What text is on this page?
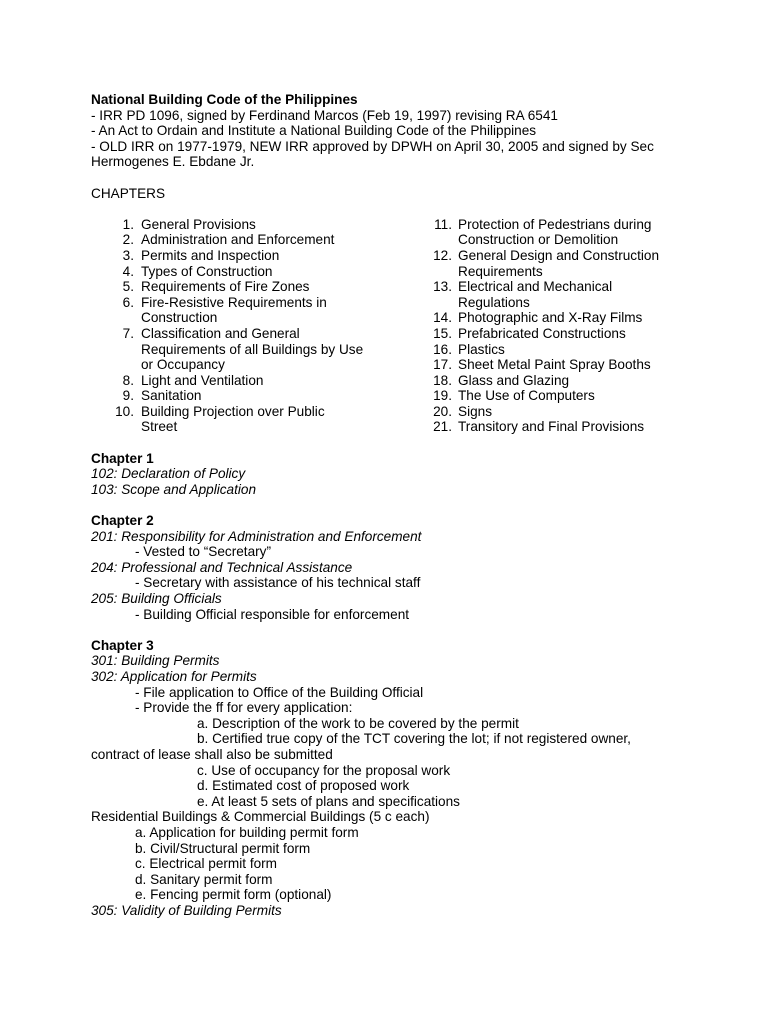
National Building Code of the Philippines
- IRR PD 1096, signed by Ferdinand Marcos (Feb 19, 1997) revising RA 6541
- An Act to Ordain and Institute a National Building Code of the Philippines
- OLD IRR on 1977-1979, NEW IRR approved by DPWH on April 30, 2005 and signed by Sec Hermogenes E. Ebdane Jr.
CHAPTERS
1. General Provisions
2. Administration and Enforcement
3. Permits and Inspection
4. Types of Construction
5. Requirements of Fire Zones
6. Fire-Resistive Requirements in Construction
7. Classification and General Requirements of all Buildings by Use or Occupancy
8. Light and Ventilation
9. Sanitation
10. Building Projection over Public Street
11. Protection of Pedestrians during Construction or Demolition
12. General Design and Construction Requirements
13. Electrical and Mechanical Regulations
14. Photographic and X-Ray Films
15. Prefabricated Constructions
16. Plastics
17. Sheet Metal Paint Spray Booths
18. Glass and Glazing
19. The Use of Computers
20. Signs
21. Transitory and Final Provisions
Chapter 1
102: Declaration of Policy
103: Scope and Application
Chapter 2
201: Responsibility for Administration and Enforcement
- Vested to “Secretary”
204: Professional and Technical Assistance
- Secretary with assistance of his technical staff
205: Building Officials
- Building Official responsible for enforcement
Chapter 3
301: Building Permits
302: Application for Permits
- File application to Office of the Building Official
- Provide the ff for every application:
a. Description of the work to be covered by the permit
b. Certified true copy of the TCT covering the lot; if not registered owner, contract of lease shall also be submitted
c. Use of occupancy for the proposal work
d. Estimated cost of proposed work
e. At least 5 sets of plans and specifications
Residential Buildings & Commercial Buildings (5 c each)
a. Application for building permit form
b. Civil/Structural permit form
c. Electrical permit form
d. Sanitary permit form
e. Fencing permit form (optional)
305: Validity of Building Permits
